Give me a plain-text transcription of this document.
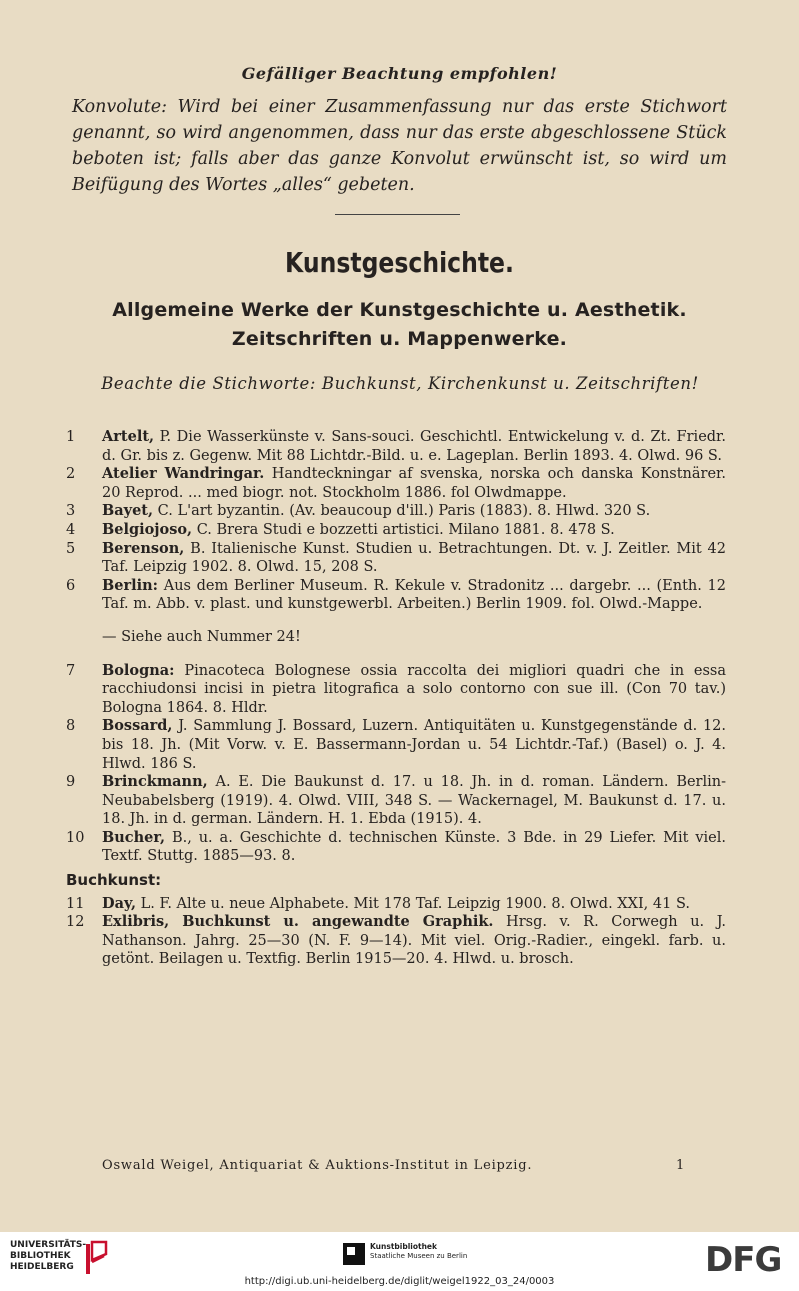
Gefälliger Beachtung empfohlen!
Konvolute: Wird bei einer Zusammenfassung nur das erste Stichwort genannt, so wird angenommen, dass nur das erste abgeschlossene Stück beboten ist; falls aber das ganze Konvolut erwünscht ist, so wird um Beifügung des Wortes „alles“ gebeten.
Kunstgeschichte.
Allgemeine Werke der Kunstgeschichte u. Aesthetik. Zeitschriften u. Mappenwerke.
Beachte die Stichworte: Buchkunst, Kirchenkunst u. Zeitschriften!

1	Artelt, P. Die Wasserkünste v. Sans-souci. Geschichtl. Entwickelung v. d. Zt. Friedr. d. Gr. bis z. Gegenw. Mit 88 Lichtdr.-Bild. u. e. Lageplan. Berlin 1893. 4. Olwd. 96 S.

2	Atelier Wandringar. Handteckningar af svenska, norska och danska Konstnärer. 20 Reprod. ... med biogr. not. Stockholm 1886. fol Olwdmappe.

3	Bayet, C. L'art byzantin. (Av. beaucoup d'ill.) Paris (1883). 8. Hlwd. 320 S.

4	Belgiojoso, C. Brera Studi e bozzetti artistici. Milano 1881. 8. 478 S.

5	Berenson, B. Italienische Kunst. Studien u. Betrachtungen. Dt. v. J. Zeitler. Mit 42 Taf. Leipzig 1902. 8. Olwd. 15, 208 S.

6	Berlin: Aus dem Berliner Museum. R. Kekule v. Stradonitz ... dargebr. ... (Enth. 12 Taf. m. Abb. v. plast. und kunstgewerbl. Arbeiten.) Berlin 1909. fol. Olwd.-Mappe.

— Siehe auch Nummer 24!

7	Bologna: Pinacoteca Bolognese ossia raccolta dei migliori quadri che in essa racchiudonsi incisi in pietra litografica a solo contorno con sue ill. (Con 70 tav.) Bologna 1864. 8. Hldr.

8	Bossard, J. Sammlung J. Bossard, Luzern. Antiquitäten u. Kunstgegenstände d. 12. bis 18. Jh. (Mit Vorw. v. E. Bassermann-Jordan u. 54 Lichtdr.-Taf.) (Basel) o. J. 4. Hlwd. 186 S.

9	Brinckmann, A. E. Die Baukunst d. 17. u 18. Jh. in d. roman. Ländern. Berlin-Neubabelsberg (1919). 4. Olwd. VIII, 348 S. — Wackernagel, M. Baukunst d. 17. u. 18. Jh. in d. german. Ländern. H. 1. Ebda (1915). 4.

10	Bucher, B., u. a. Geschichte d. technischen Künste. 3 Bde. in 29 Liefer. Mit viel. Textf. Stuttg. 1885—93. 8.

Buchkunst:

11	Day, L. F. Alte u. neue Alphabete. Mit 178 Taf. Leipzig 1900. 8. Olwd. XXI, 41 S.

12	Exlibris, Buchkunst u. angewandte Graphik. Hrsg. v. R. Corwegh u. J. Nathanson. Jahrg. 25—30 (N. F. 9—14). Mit viel. Orig.-Radier., eingekl. farb. u. getönt. Beilagen u. Textfig. Berlin 1915—20. 4. Hlwd. u. brosch.

Oswald Weigel, Antiquariat & Auktions-Institut in Leipzig.	1
UNIVERSITÄTS-
BIBLIOTHEK
HEIDELBERG
Kunstbibliothek
Staatliche Museen zu Berlin	DFG
http://digi.ub.uni-heidelberg.de/diglit/weigel1922_03_24/0003
